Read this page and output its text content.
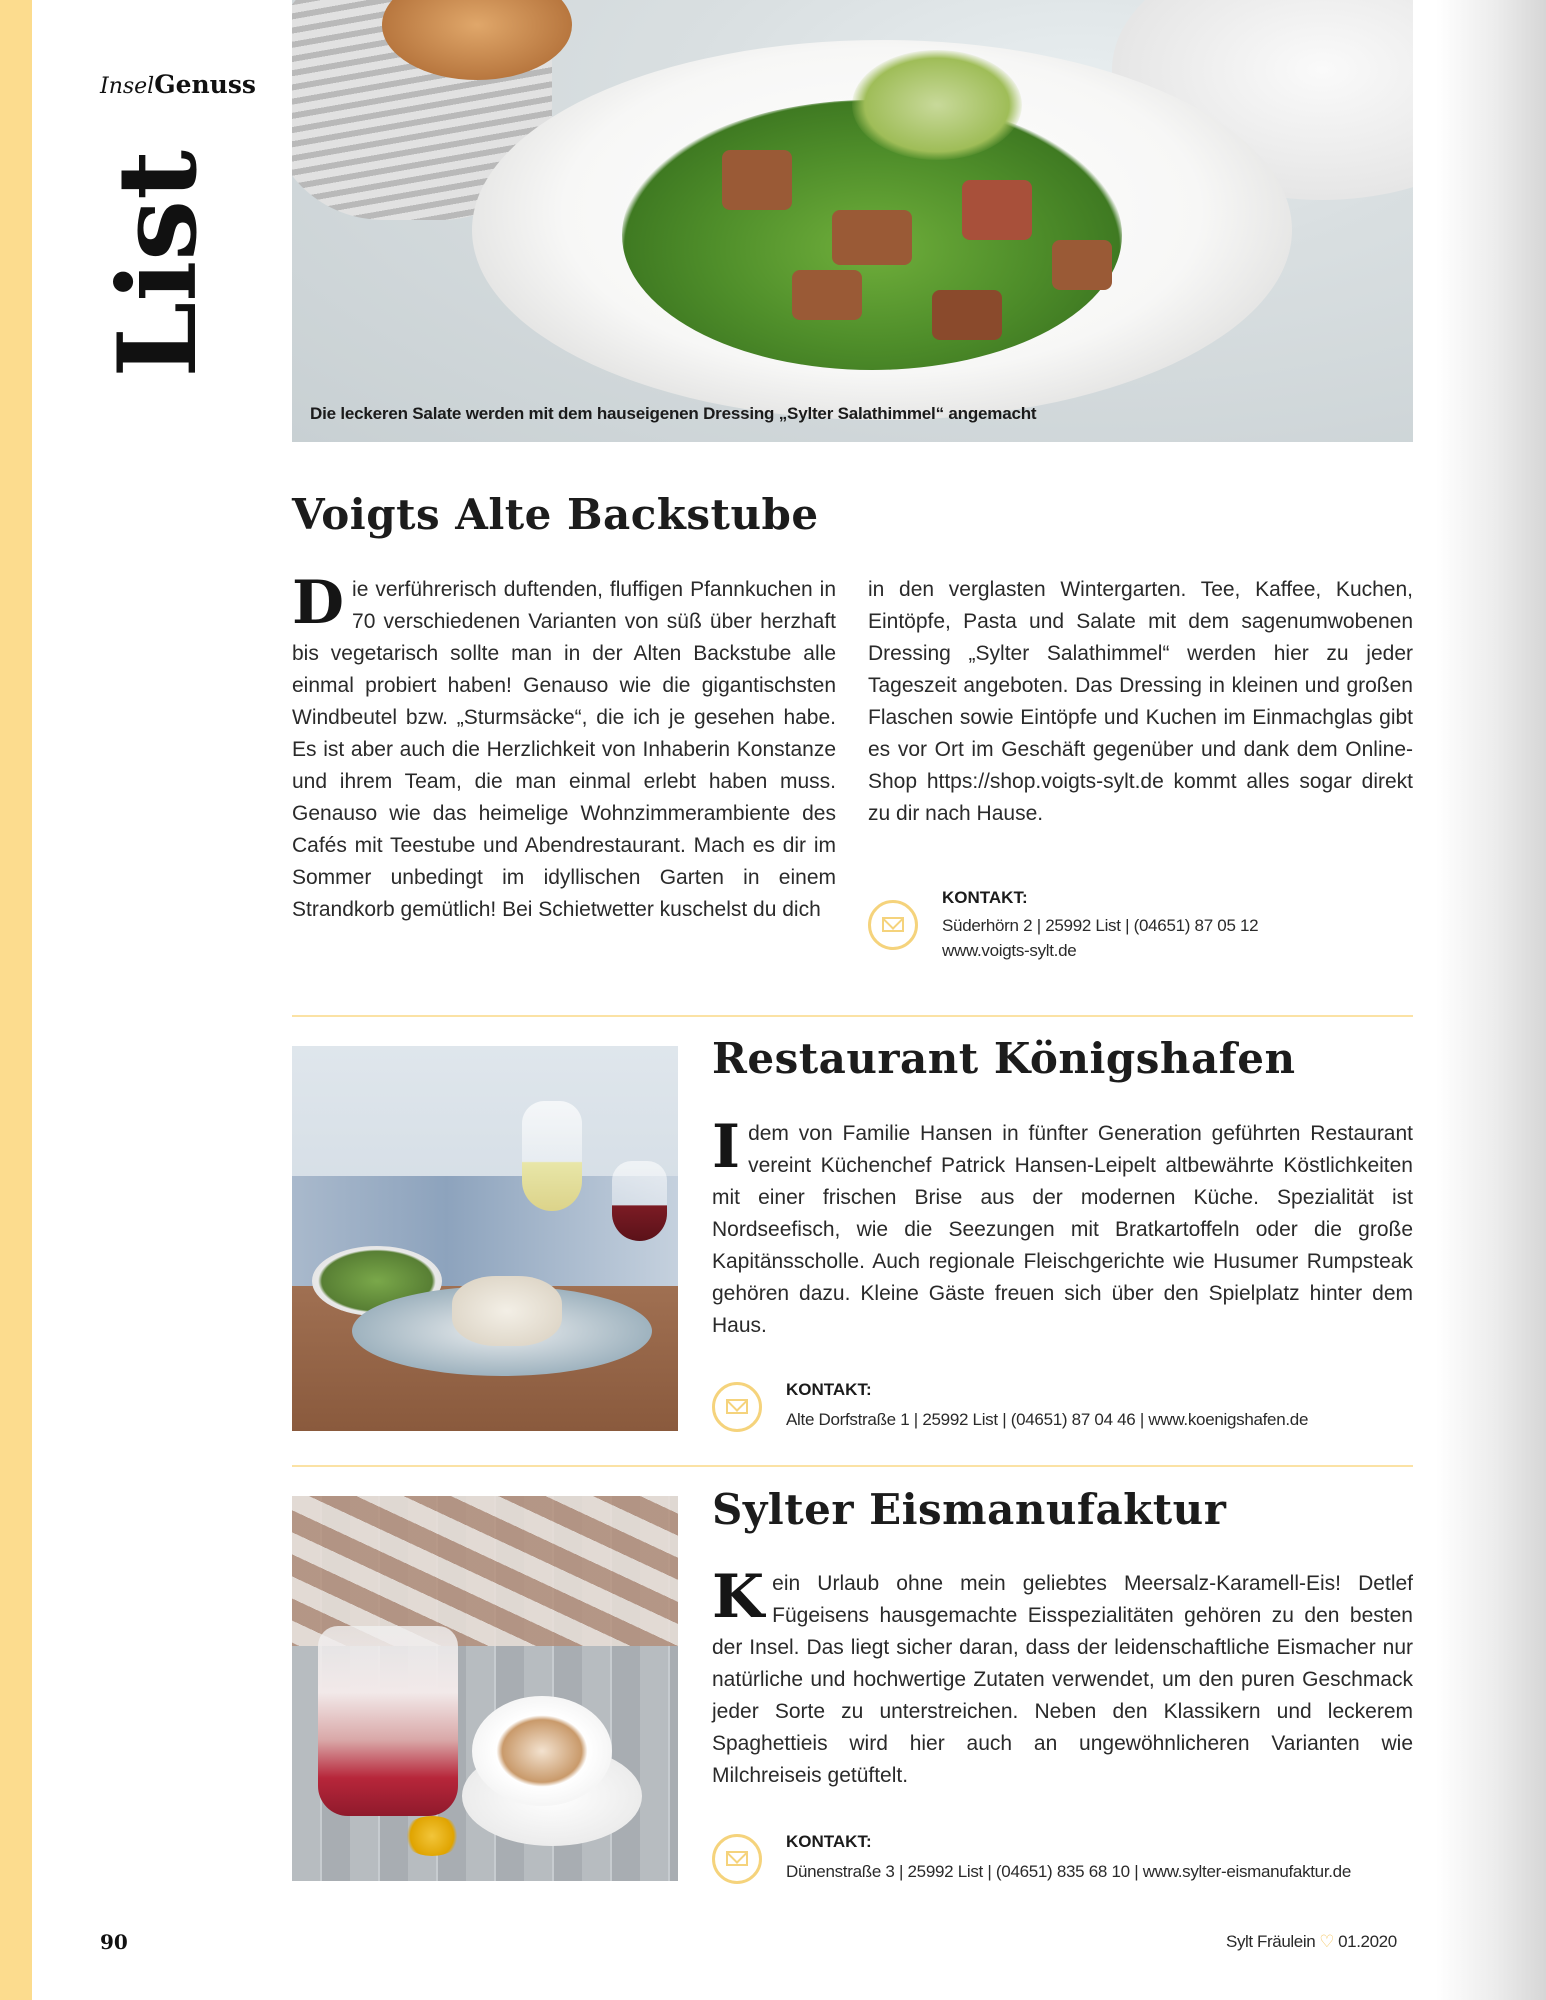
InselGenuss
List
Die leckeren Salate werden mit dem hauseigenen Dressing „Sylter Salathimmel“ angemacht
Voigts Alte Backstube
Die verführerisch duftenden, fluffigen Pfannkuchen in 70 verschiedenen Varianten von süß über herzhaft bis vegetarisch sollte man in der Alten Backstube alle einmal probiert haben! Genauso wie die gigantischsten Windbeutel bzw. „Sturmsäcke“, die ich je gesehen habe. Es ist aber auch die Herzlichkeit von Inhaberin Konstanze und ihrem Team, die man einmal erlebt haben muss. Genauso wie das heimelige Wohnzimmerambiente des Cafés mit Teestube und Abendrestaurant. Mach es dir im Sommer unbedingt im idyllischen Garten in einem Strandkorb gemütlich! Bei Schietwetter kuschelst du dich
in den verglasten Wintergarten. Tee, Kaffee, Kuchen, Eintöpfe, Pasta und Salate mit dem sagenumwobenen Dressing „Sylter Salathimmel“ werden hier zu jeder Tageszeit angeboten. Das Dressing in kleinen und großen Flaschen sowie Eintöpfe und Kuchen im Einmachglas gibt es vor Ort im Geschäft gegenüber und dank dem Online-Shop https://shop.voigts-sylt.de kommt alles sogar direkt zu dir nach Hause.
KONTAKT:
Süderhörn 2 | 25992 List | (04651) 87 05 12
www.voigts-sylt.de
Restaurant Königshafen
Idem von Familie Hansen in fünfter Generation geführten Restaurant vereint Küchenchef Patrick Hansen-Leipelt altbewährte Köstlichkeiten mit einer frischen Brise aus der modernen Küche. Spezialität ist Nordseefisch, wie die Seezungen mit Bratkartoffeln oder die große Kapitänsscholle. Auch regionale Fleischgerichte wie Husumer Rumpsteak gehören dazu. Kleine Gäste freuen sich über den Spielplatz hinter dem Haus.
KONTAKT:
Alte Dorfstraße 1 | 25992 List | (04651) 87 04 46 | www.koenigshafen.de
Sylter Eismanufaktur
Kein Urlaub ohne mein geliebtes Meersalz-Karamell-Eis! Detlef Fügeisens hausgemachte Eisspezialitäten gehören zu den besten der Insel. Das liegt sicher daran, dass der leidenschaftliche Eismacher nur natürliche und hochwertige Zutaten verwendet, um den puren Geschmack jeder Sorte zu unterstreichen. Neben den Klassikern und leckerem Spaghettieis wird hier auch an ungewöhnlicheren Varianten wie Milchreiseis getüftelt.
KONTAKT:
Dünenstraße 3 | 25992 List | (04651) 835 68 10 | www.sylter-eismanufaktur.de
90	Sylt Fräulein ♡ 01.2020
